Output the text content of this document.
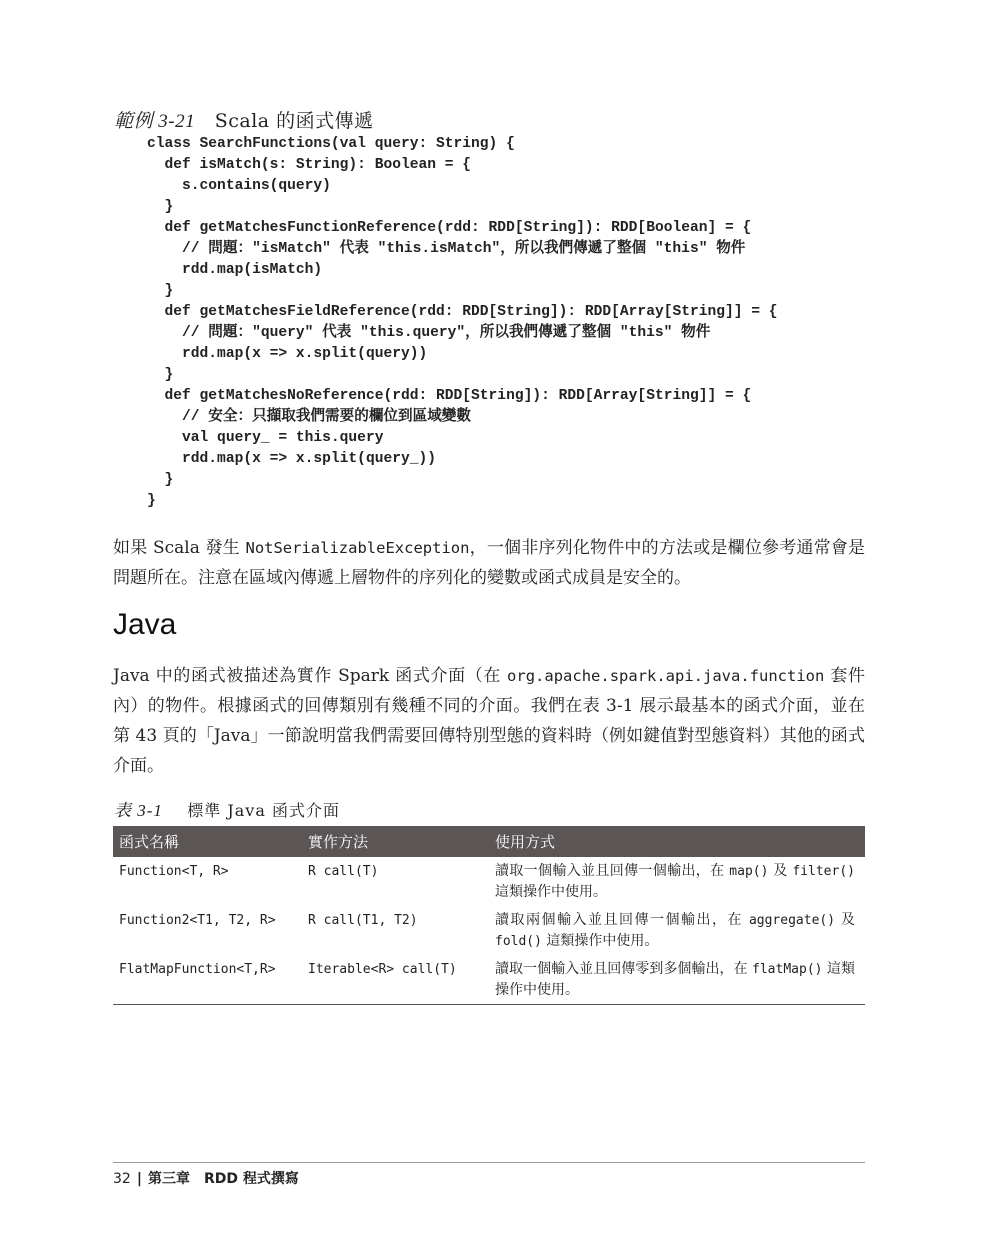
範例 3-21 Scala 的函式傳遞
class SearchFunctions(val query: String) {
def isMatch(s: String): Boolean = {
s.contains(query)
}
def getMatchesFunctionReference(rdd: RDD[String]): RDD[Boolean] = {
// 問題："isMatch" 代表 "this.isMatch"，所以我們傳遞了整個 "this" 物件
rdd.map(isMatch)
}
def getMatchesFieldReference(rdd: RDD[String]): RDD[Array[String]] = {
// 問題："query" 代表 "this.query"，所以我們傳遞了整個 "this" 物件
rdd.map(x => x.split(query))
}
def getMatchesNoReference(rdd: RDD[String]): RDD[Array[String]] = {
// 安全：只擷取我們需要的欄位到區域變數
val query_ = this.query
rdd.map(x => x.split(query_))
}
}

如果 Scala 發生 NotSerializableException，一個非序列化物件中的方法或是欄位參考通常會是問題所在。注意在區域內傳遞上層物件的序列化的變數或函式成員是安全的。

Java

Java 中的函式被描述為實作 Spark 函式介面（在 org.apache.spark.api.java.function 套件內）的物件。根據函式的回傳類別有幾種不同的介面。我們在表 3-1 展示最基本的函式介面，並在第 43 頁的「Java」一節說明當我們需要回傳特別型態的資料時（例如鍵值對型態資料）其他的函式介面。

表 3-1 標準 Java 函式介面
函式名稱	實作方法	使用方式
Function<T, R>	R call(T)	讀取一個輸入並且回傳一個輸出，在 map() 及 filter() 這類操作中使用。
Function2<T1, T2, R>	R call(T1, T2)	讀取兩個輸入並且回傳一個輸出，在 aggregate() 及 fold() 這類操作中使用。
FlatMapFunction<T,R>	Iterable<R> call(T)	讀取一個輸入並且回傳零到多個輸出，在 flatMap() 這類操作中使用。
32 | 第三章　RDD 程式撰寫
